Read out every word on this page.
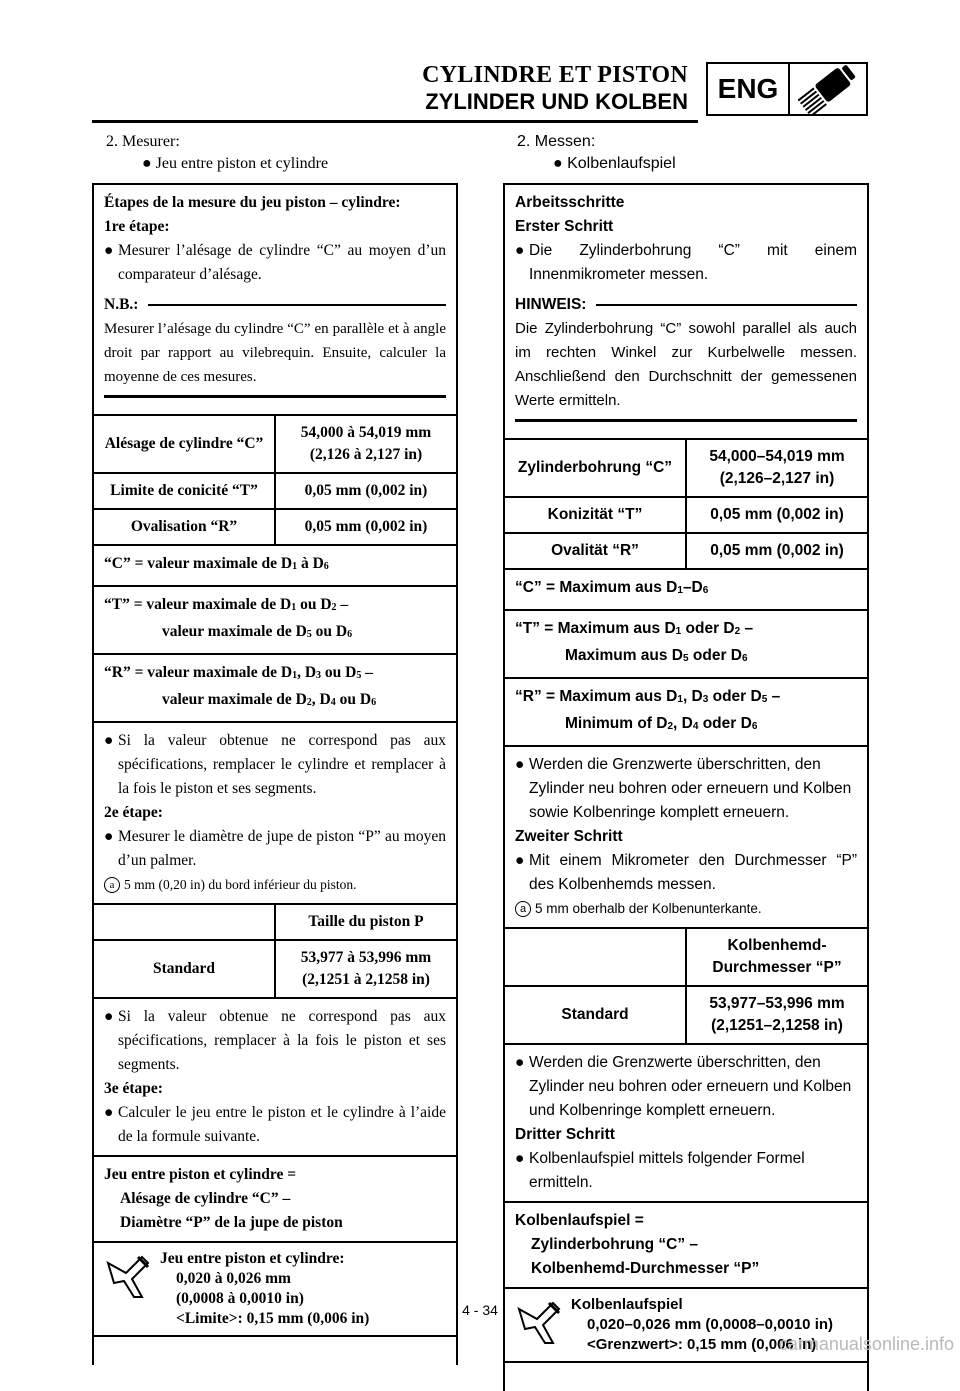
CYLINDRE ET PISTON
ZYLINDER UND KOLBEN	ENG
2. Mesurer:
● Jeu entre piston et cylindre
Étapes de la mesure du jeu piston – cylindre:
1re étape:
● Mesurer l’alésage de cylindre “C” au moyen d’un comparateur d’alésage.
N.B.:
Mesurer l’alésage du cylindre “C” en parallèle et à angle droit par rapport au vilebrequin. Ensuite, calculer la moyenne de ces mesures.
Alésage de cylindre “C”	54,000 à 54,019 mm (2,126 à 2,127 in)
Limite de conicité “T”	0,05 mm (0,002 in)
Ovalisation “R”	0,05 mm (0,002 in)
“C” = valeur maximale de $D_1$ à $D_6$
“T” = valeur maximale de $D_1$ ou $D_2$ –
valeur maximale de $D_5$ ou $D_6$
“R” = valeur maximale de $D_1$, $D_3$ ou $D_5$ –
valeur maximale de $D_2$, $D_4$ ou $D_6$
● Si la valeur obtenue ne correspond pas aux spécifications, remplacer le cylindre et remplacer à la fois le piston et ses segments.
2e étape:
● Mesurer le diamètre de jupe de piston “P” au moyen d’un palmer.
a 5 mm (0,20 in) du bord inférieur du piston.
	Taille du piston P
Standard	53,977 à 53,996 mm (2,1251 à 2,1258 in)
● Si la valeur obtenue ne correspond pas aux spécifications, remplacer à la fois le piston et ses segments.
3e étape:
● Calculer le jeu entre le piston et le cylindre à l’aide de la formule suivante.
Jeu entre piston et cylindre =
Alésage de cylindre “C” –
Diamètre “P” de la jupe de piston
Jeu entre piston et cylindre:
0,020 à 0,026 mm
(0,0008 à 0,0010 in)
<Limite>: 0,15 mm (0,006 in)
2. Messen:
● Kolbenlaufspiel
Arbeitsschritte
Erster Schritt
● Die Zylinderbohrung “C” mit einem Innenmikrometer messen.
HINWEIS:
Die Zylinderbohrung “C” sowohl parallel als auch im rechten Winkel zur Kurbelwelle messen. Anschließend den Durchschnitt der gemessenen Werte ermitteln.
Zylinderbohrung “C”	54,000–54,019 mm (2,126–2,127 in)
Konizität “T”	0,05 mm (0,002 in)
Ovalität “R”	0,05 mm (0,002 in)
“C” = Maximum aus $D_1-D_6$
“T” = Maximum aus $D_1$ oder $D_2$ –
Maximum aus $D_5$ oder $D_6$
“R” = Maximum aus $D_1$, $D_3$ oder $D_5$ –
Minimum of $D_2$, $D_4$ oder $D_6$
● Werden die Grenzwerte überschritten, den Zylinder neu bohren oder erneuern und Kolben sowie Kolbenringe komplett erneuern.
Zweiter Schritt
● Mit einem Mikrometer den Durchmesser “P” des Kolbenhemds messen.
a 5 mm oberhalb der Kolbenunterkante.
	Kolbenhemd-Durchmesser “P”
Standard	53,977–53,996 mm (2,1251–2,1258 in)
● Werden die Grenzwerte überschritten, den Zylinder neu bohren oder erneuern und Kolben und Kolbenringe komplett erneuern.
Dritter Schritt
● Kolbenlaufspiel mittels folgender Formel ermitteln.
Kolbenlaufspiel =
Zylinderbohrung “C” –
Kolbenhemd-Durchmesser “P”
Kolbenlaufspiel
0,020–0,026 mm (0,0008–0,0010 in)
<Grenzwert>: 0,15 mm (0,006 in)
4 - 34
carmanualsonline.info
